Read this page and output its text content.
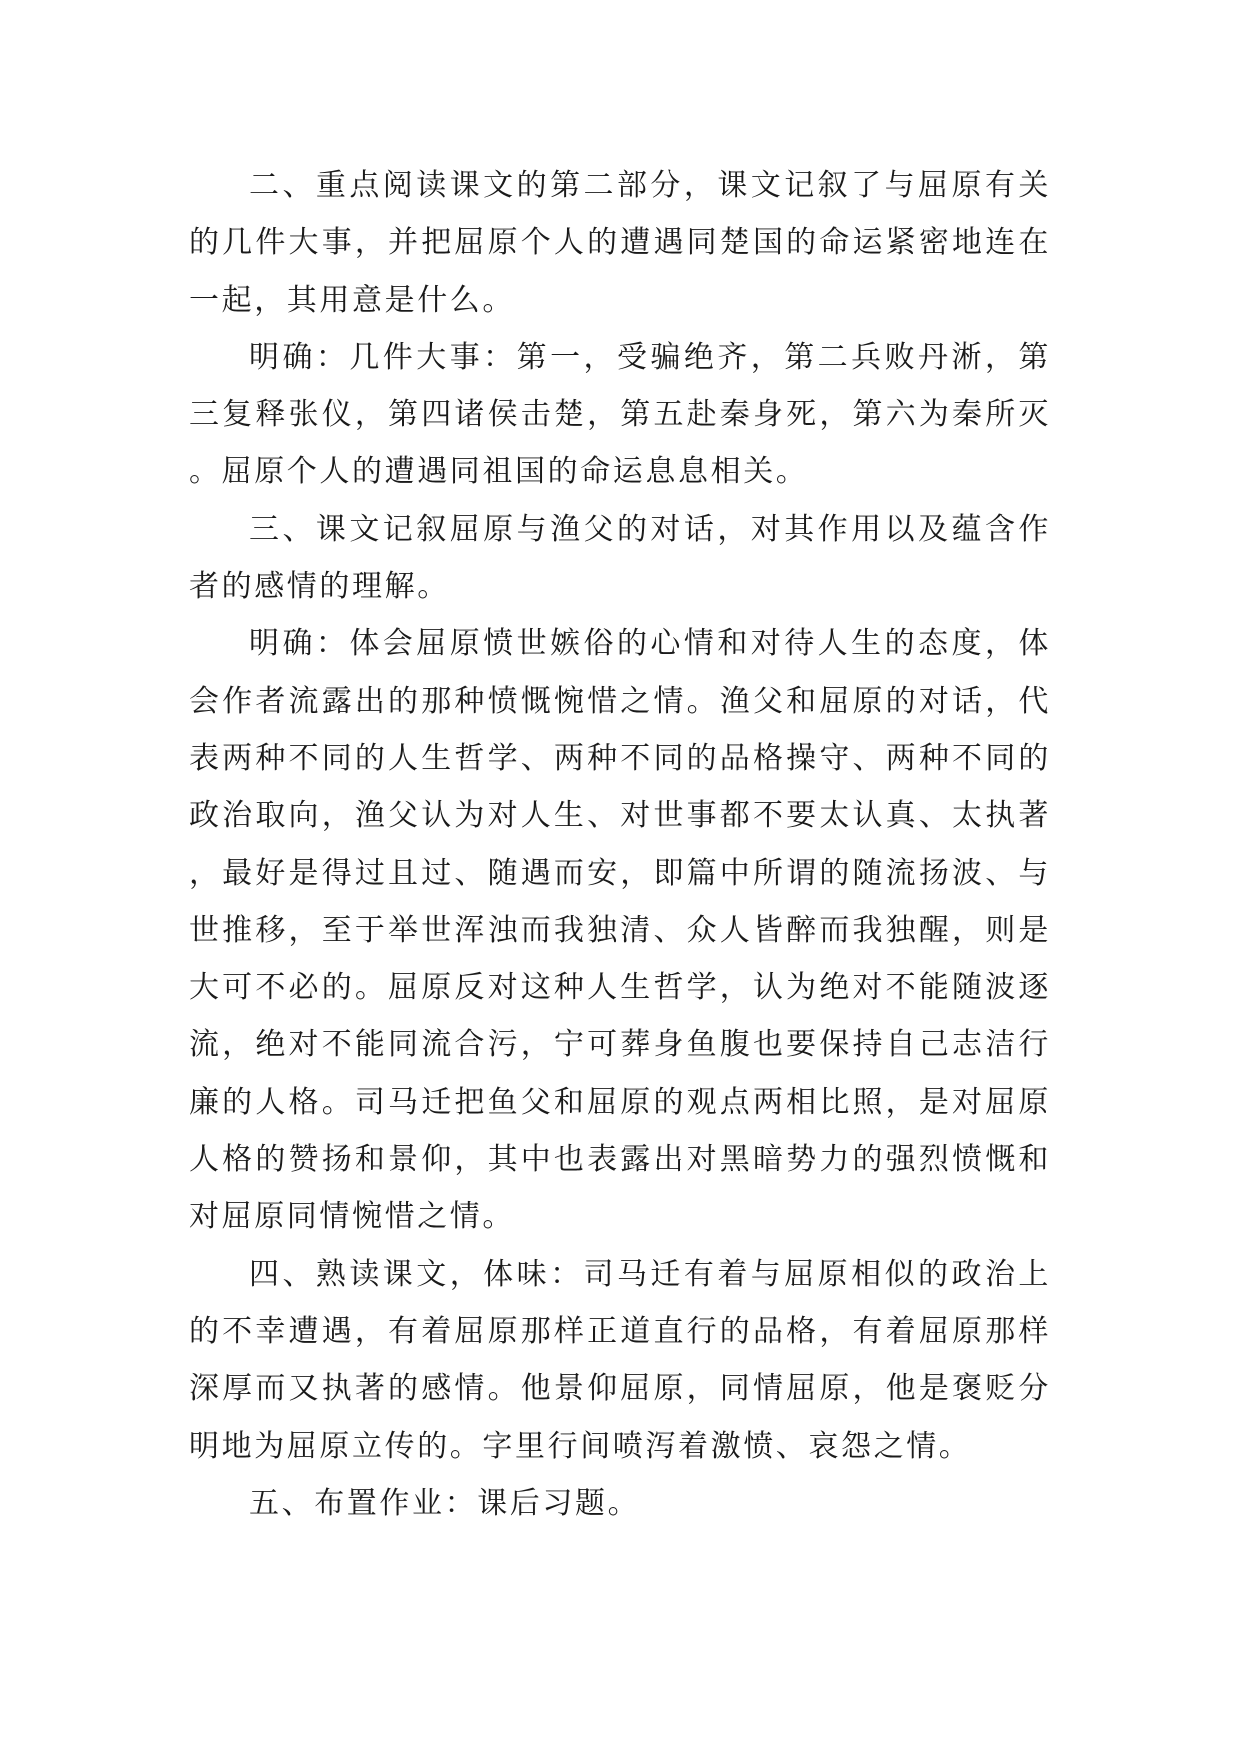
二、重点阅读课文的第二部分，课文记叙了与屈原有关的几件大事，并把屈原个人的遭遇同楚国的命运紧密地连在一起，其用意是什么。

明确：几件大事：第一，受骗绝齐，第二兵败丹淅，第三复释张仪，第四诸侯击楚，第五赴秦身死，第六为秦所灭。屈原个人的遭遇同祖国的命运息息相关。

三、课文记叙屈原与渔父的对话，对其作用以及蕴含作者的感情的理解。

明确：体会屈原愤世嫉俗的心情和对待人生的态度，体会作者流露出的那种愤慨惋惜之情。渔父和屈原的对话，代表两种不同的人生哲学、两种不同的品格操守、两种不同的政治取向，渔父认为对人生、对世事都不要太认真、太执著，最好是得过且过、随遇而安，即篇中所谓的随流扬波、与世推移，至于举世浑浊而我独清、众人皆醉而我独醒，则是大可不必的。屈原反对这种人生哲学，认为绝对不能随波逐流，绝对不能同流合污，宁可葬身鱼腹也要保持自己志洁行廉的人格。司马迁把鱼父和屈原的观点两相比照，是对屈原人格的赞扬和景仰，其中也表露出对黑暗势力的强烈愤慨和对屈原同情惋惜之情。

四、熟读课文，体味：司马迁有着与屈原相似的政治上的不幸遭遇，有着屈原那样正道直行的品格，有着屈原那样深厚而又执著的感情。他景仰屈原，同情屈原，他是褒贬分明地为屈原立传的。字里行间喷泻着激愤、哀怨之情。

五、布置作业：课后习题。
